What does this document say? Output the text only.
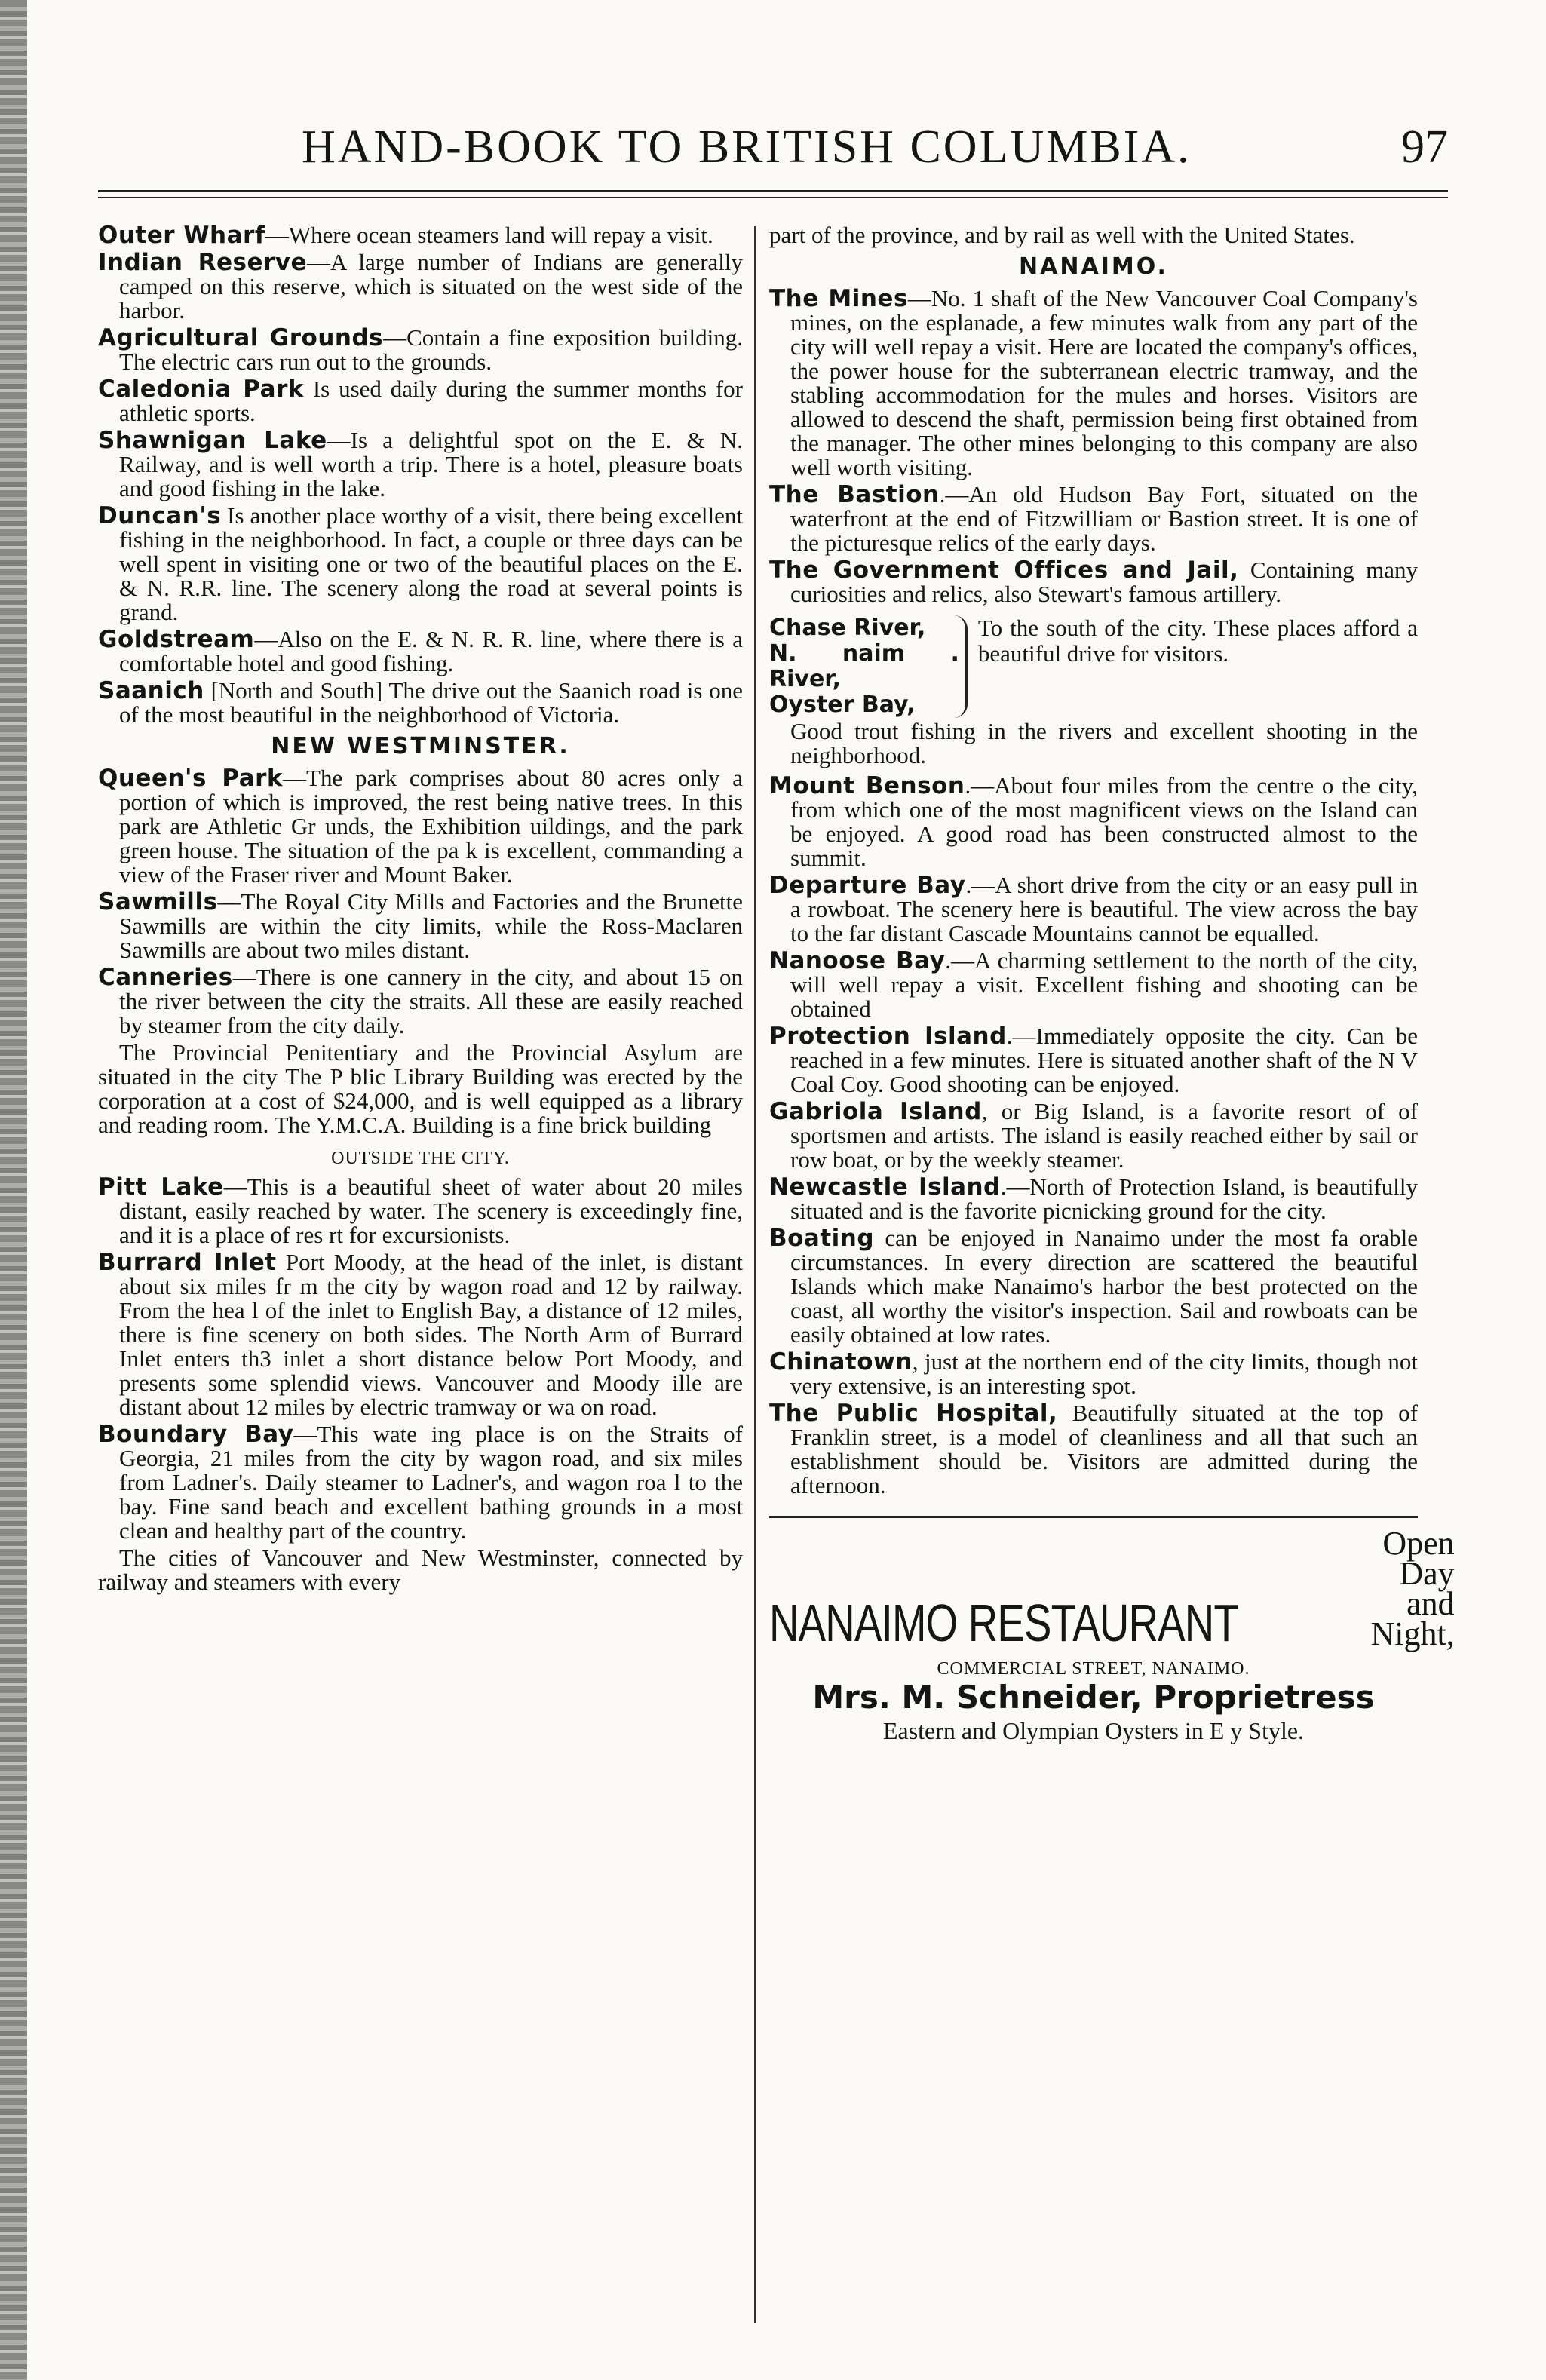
HAND-BOOK TO BRITISH COLUMBIA.	97
Outer Wharf—Where ocean steamers land will repay a visit.
Indian Reserve—A large number of Indians are generally camped on this reserve, which is situated on the west side of the harbor.
Agricultural Grounds—Contain a fine exposition building. The electric cars run out to the grounds.
Caledonia Park Is used daily during the summer months for athletic sports.
Shawnigan Lake—Is a delightful spot on the E. & N. Railway, and is well worth a trip. There is a hotel, pleasure boats and good fishing in the lake.
Duncan's Is another place worthy of a visit, there being excellent fishing in the neighborhood. In fact, a couple or three days can be well spent in visiting one or two of the beautiful places on the E. & N. R.R. line. The scenery along the road at several points is grand.
Goldstream—Also on the E. & N. R. R. line, where there is a comfortable hotel and good fishing.
Saanich [North and South] The drive out the Saanich road is one of the most beautiful in the neighborhood of Victoria.
NEW WESTMINSTER.
Queen's Park—The park comprises about 80 acres only a portion of which is improved, the rest being native trees. In this park are Athletic Gr unds, the Exhibition uildings, and the park green house. The situation of the pa k is excellent, commanding a view of the Fraser river and Mount Baker.
Sawmills—The Royal City Mills and Factories and the Brunette Sawmills are within the city limits, while the Ross-Maclaren Sawmills are about two miles distant.
Canneries—There is one cannery in the city, and about 15 on the river between the city the straits. All these are easily reached by steamer from the city daily.
The Provincial Penitentiary and the Provincial Asylum are situated in the city The P blic Library Building was erected by the corporation at a cost of $24,000, and is well equipped as a library and reading room. The Y.M.C.A. Building is a fine brick building
OUTSIDE THE CITY.
Pitt Lake—This is a beautiful sheet of water about 20 miles distant, easily reached by water. The scenery is exceedingly fine, and it is a place of res rt for excursionists.
Burrard Inlet Port Moody, at the head of the inlet, is distant about six miles fr m the city by wagon road and 12 by railway. From the hea l of the inlet to English Bay, a distance of 12 miles, there is fine scenery on both sides. The North Arm of Burrard Inlet enters th3 inlet a short distance below Port Moody, and presents some splendid views. Vancouver and Moody ille are distant about 12 miles by electric tramway or wa on road.
Boundary Bay—This wate ing place is on the Straits of Georgia, 21 miles from the city by wagon road, and six miles from Ladner's. Daily steamer to Ladner's, and wagon roa l to the bay. Fine sand beach and excellent bathing grounds in a most clean and healthy part of the country.
The cities of Vancouver and New Westminster, connected by railway and steamers with every
part of the province, and by rail as well with the United States.
NANAIMO.
The Mines—No. 1 shaft of the New Vancouver Coal Company's mines, on the esplanade, a few minutes walk from any part of the city will well repay a visit. Here are located the company's offices, the power house for the subterranean electric tramway, and the stabling accommodation for the mules and horses. Visitors are allowed to descend the shaft, permission being first obtained from the manager. The other mines belonging to this company are also well worth visiting.
The Bastion.—An old Hudson Bay Fort, situated on the waterfront at the end of Fitzwilliam or Bastion street. It is one of the picturesque relics of the early days.
The Government Offices and Jail, Containing many curiosities and relics, also Stewart's famous artillery.
Chase River,
N. naim . River,
Oyster Bay,
To the south of the city. These places afford a beautiful drive for visitors.
Good trout fishing in the rivers and excellent shooting in the neighborhood.
Mount Benson.—About four miles from the centre o the city, from which one of the most magnificent views on the Island can be enjoyed. A good road has been constructed almost to the summit.
Departure Bay.—A short drive from the city or an easy pull in a rowboat. The scenery here is beautiful. The view across the bay to the far distant Cascade Mountains cannot be equalled.
Nanoose Bay.—A charming settlement to the north of the city, will well repay a visit. Excellent fishing and shooting can be obtained
Protection Island.—Immediately opposite the city. Can be reached in a few minutes. Here is situated another shaft of the N V Coal Coy. Good shooting can be enjoyed.
Gabriola Island, or Big Island, is a favorite resort of of sportsmen and artists. The island is easily reached either by sail or row boat, or by the weekly steamer.
Newcastle Island.—North of Protection Island, is beautifully situated and is the favorite picnicking ground for the city.
Boating can be enjoyed in Nanaimo under the most fa orable circumstances. In every direction are scattered the beautiful Islands which make Nanaimo's harbor the best protected on the coast, all worthy the visitor's inspection. Sail and rowboats can be easily obtained at low rates.
Chinatown, just at the northern end of the city limits, though not very extensive, is an interesting spot.
The Public Hospital, Beautifully situated at the top of Franklin street, is a model of cleanliness and all that such an establishment should be. Visitors are admitted during the afternoon.
NANAIMO RESTAURANT
Open Day
and Night,
COMMERCIAL STREET, NANAIMO.
Mrs. M. Schneider, Proprietress
Eastern and Olympian Oysters in E y Style.
